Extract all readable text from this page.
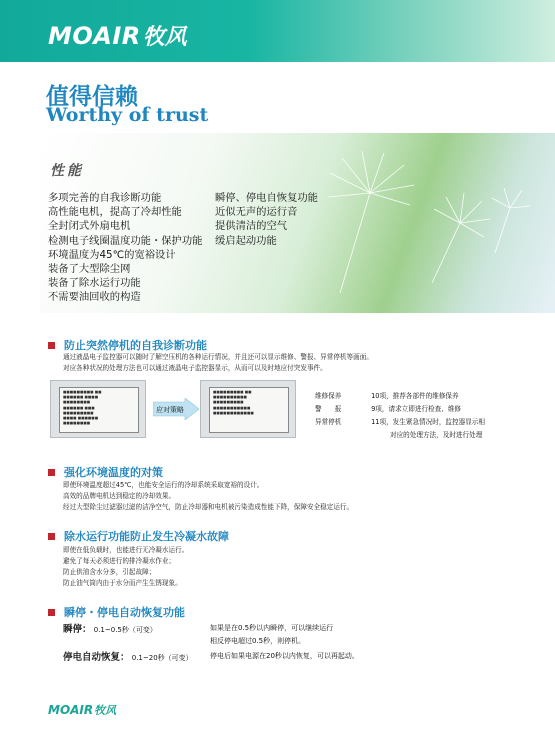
MOAIR 牧风
值得信赖
Worthy of trust
性能
多项完善的自我诊断功能
高性能电机，提高了冷却性能
全封闭式外扇电机
检测电子线圈温度功能・保护功能
环境温度为45℃的宽裕设计
装备了大型除尘网
装备了除水运行功能
不需要油回收的构造
瞬停、停电自恢复功能
近似无声的运行音
提供清洁的空气
缓启起动功能
防止突然停机的自我诊断功能
通过液晶电子监控器可以随时了解空压机的各种运行情况，并且还可以显示维修、警报、异常停机等画面。
对应各种状况的处理方法也可以通过液晶电子监控器显示，从而可以及时地应付突发事件。
■■■■■■■■■ ■■
■■■■■■ ■■■■
■■■■■■■■
■■■■■■ ■■■
■■■■■■■■■
■■■■ ■■■■■■
■■■■■■■■
应对策略
■■■■■■■■■ ■■
■■■■■■■■■■
■■■■■■■■■
■■■■■■■■■■■
■■■■■■■■■■■■
维修保养	10项，推荐各部件的维修保养
警　　报	9项，请求立即进行检查、维修
异常停机	11项，发生紧急情况时，监控器显示相
对应的处理方法，及时进行处理
强化环境温度的对策
即使环境温度超过45℃，也能安全运行的冷却系统采取宽裕的设计。
高效的品牌电机达到稳定的冷却效果。
经过大型除尘过滤器过滤的洁净空气，防止冷却器和电机被污染造成性能下降，保障安全稳定运行。
除水运行功能防止发生冷凝水故障
即使在低负载时，也能进行无冷凝水运行。
避免了每天必须进行的排冷凝水作业；
防止供油含水分多，引起故障；
防止油气筒内由于水分而产生生锈现象。
瞬停・停电自动恢复功能
瞬停： 0.1~0.5秒（可变）	如果是在0.5秒以内瞬停，可以继续运行
相反停电超过0.5秒，则停机。
停电自动恢复： 0.1~20秒（可变） 停电后如果电源在20秒以内恢复，可以再起动。
MOAIR 牧风
